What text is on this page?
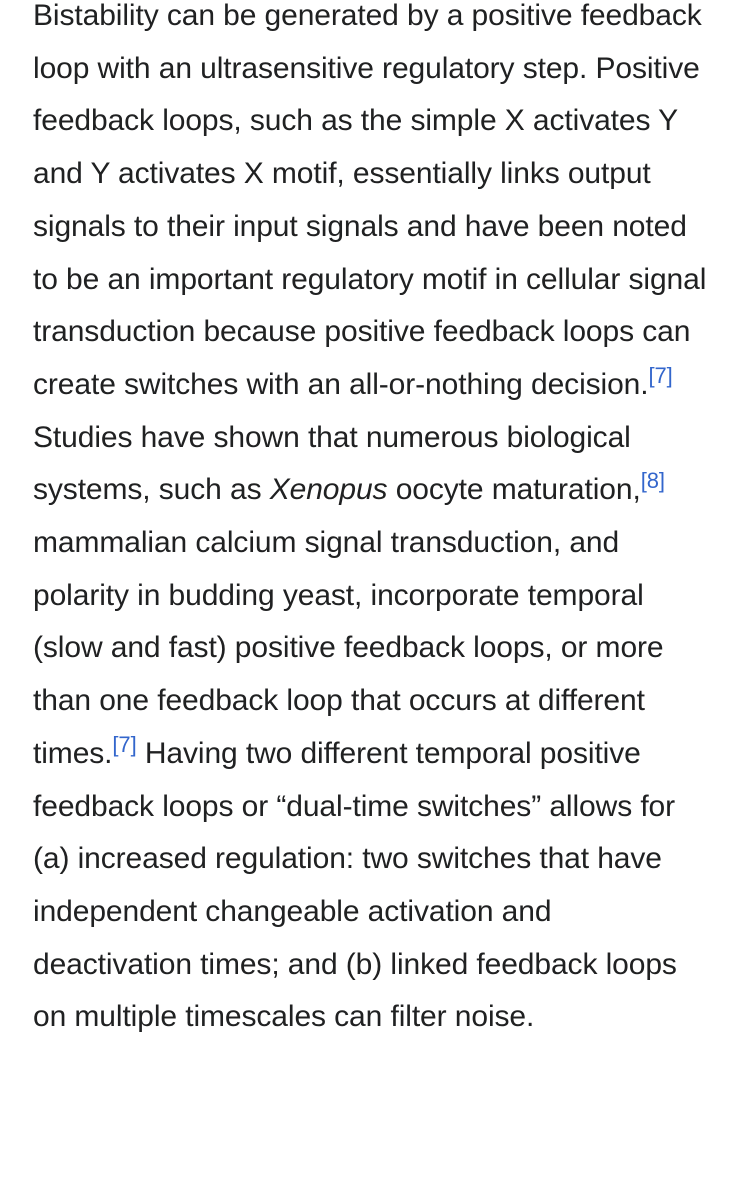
Bistability can be generated by a positive feedback loop with an ultrasensitive regulatory step. Positive feedback loops, such as the simple X activates Y and Y activates X motif, essentially links output signals to their input signals and have been noted to be an important regulatory motif in cellular signal transduction because positive feedback loops can create switches with an all-or-nothing decision.[7] Studies have shown that numerous biological systems, such as Xenopus oocyte maturation,[8] mammalian calcium signal transduction, and polarity in budding yeast, incorporate temporal (slow and fast) positive feedback loops, or more than one feedback loop that occurs at different times.[7] Having two different temporal positive feedback loops or “dual-time switches” allows for (a) increased regulation: two switches that have independent changeable activation and deactivation times; and (b) linked feedback loops on multiple timescales can filter noise.
